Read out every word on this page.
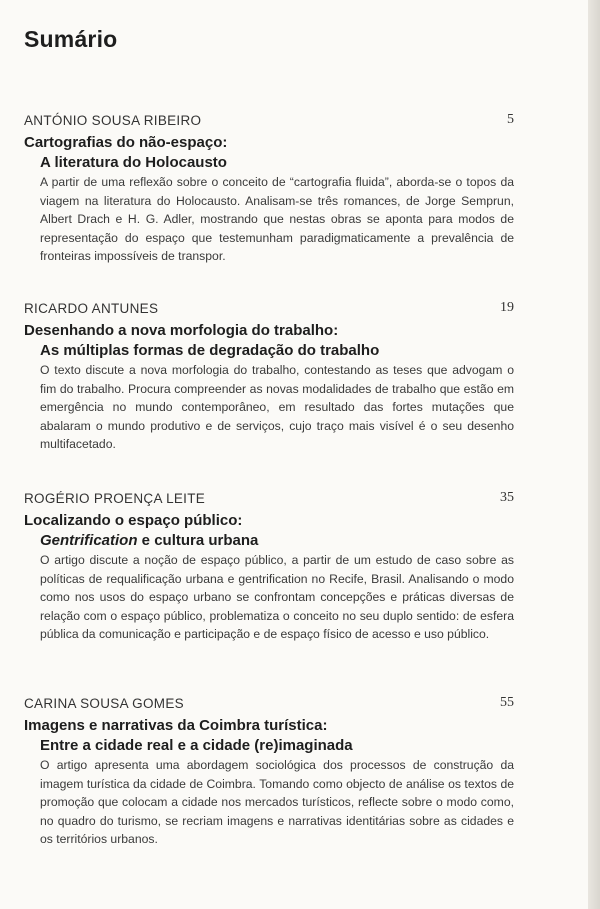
Sumário
ANTÓNIO SOUSA RIBEIRO	5
Cartografias do não-espaço:
A literatura do Holocausto
A partir de uma reflexão sobre o conceito de “cartografia fluida”, aborda-se o topos da viagem na literatura do Holocausto. Analisam-se três romances, de Jorge Semprun, Albert Drach e H. G. Adler, mostrando que nestas obras se aponta para modos de representação do espaço que testemunham paradigmaticamente a prevalência de fronteiras impossíveis de transpor.
RICARDO ANTUNES	19
Desenhando a nova morfologia do trabalho:
As múltiplas formas de degradação do trabalho
O texto discute a nova morfologia do trabalho, contestando as teses que advogam o fim do trabalho. Procura compreender as novas modalidades de trabalho que estão em emergência no mundo contemporâneo, em resultado das fortes mutações que abalaram o mundo produtivo e de serviços, cujo traço mais visível é o seu desenho multifacetado.
ROGÉRIO PROENÇA LEITE	35
Localizando o espaço público:
Gentrification e cultura urbana
O artigo discute a noção de espaço público, a partir de um estudo de caso sobre as políticas de requalificação urbana e gentrification no Recife, Brasil. Analisando o modo como nos usos do espaço urbano se confrontam concepções e práticas diversas de relação com o espaço público, problematiza o conceito no seu duplo sentido: de esfera pública da comunicação e participação e de espaço físico de acesso e uso público.
CARINA SOUSA GOMES	55
Imagens e narrativas da Coimbra turística:
Entre a cidade real e a cidade (re)imaginada
O artigo apresenta uma abordagem sociológica dos processos de construção da imagem turística da cidade de Coimbra. Tomando como objecto de análise os textos de promoção que colocam a cidade nos mercados turísticos, reflecte sobre o modo como, no quadro do turismo, se recriam imagens e narrativas identitárias sobre as cidades e os territórios urbanos.
